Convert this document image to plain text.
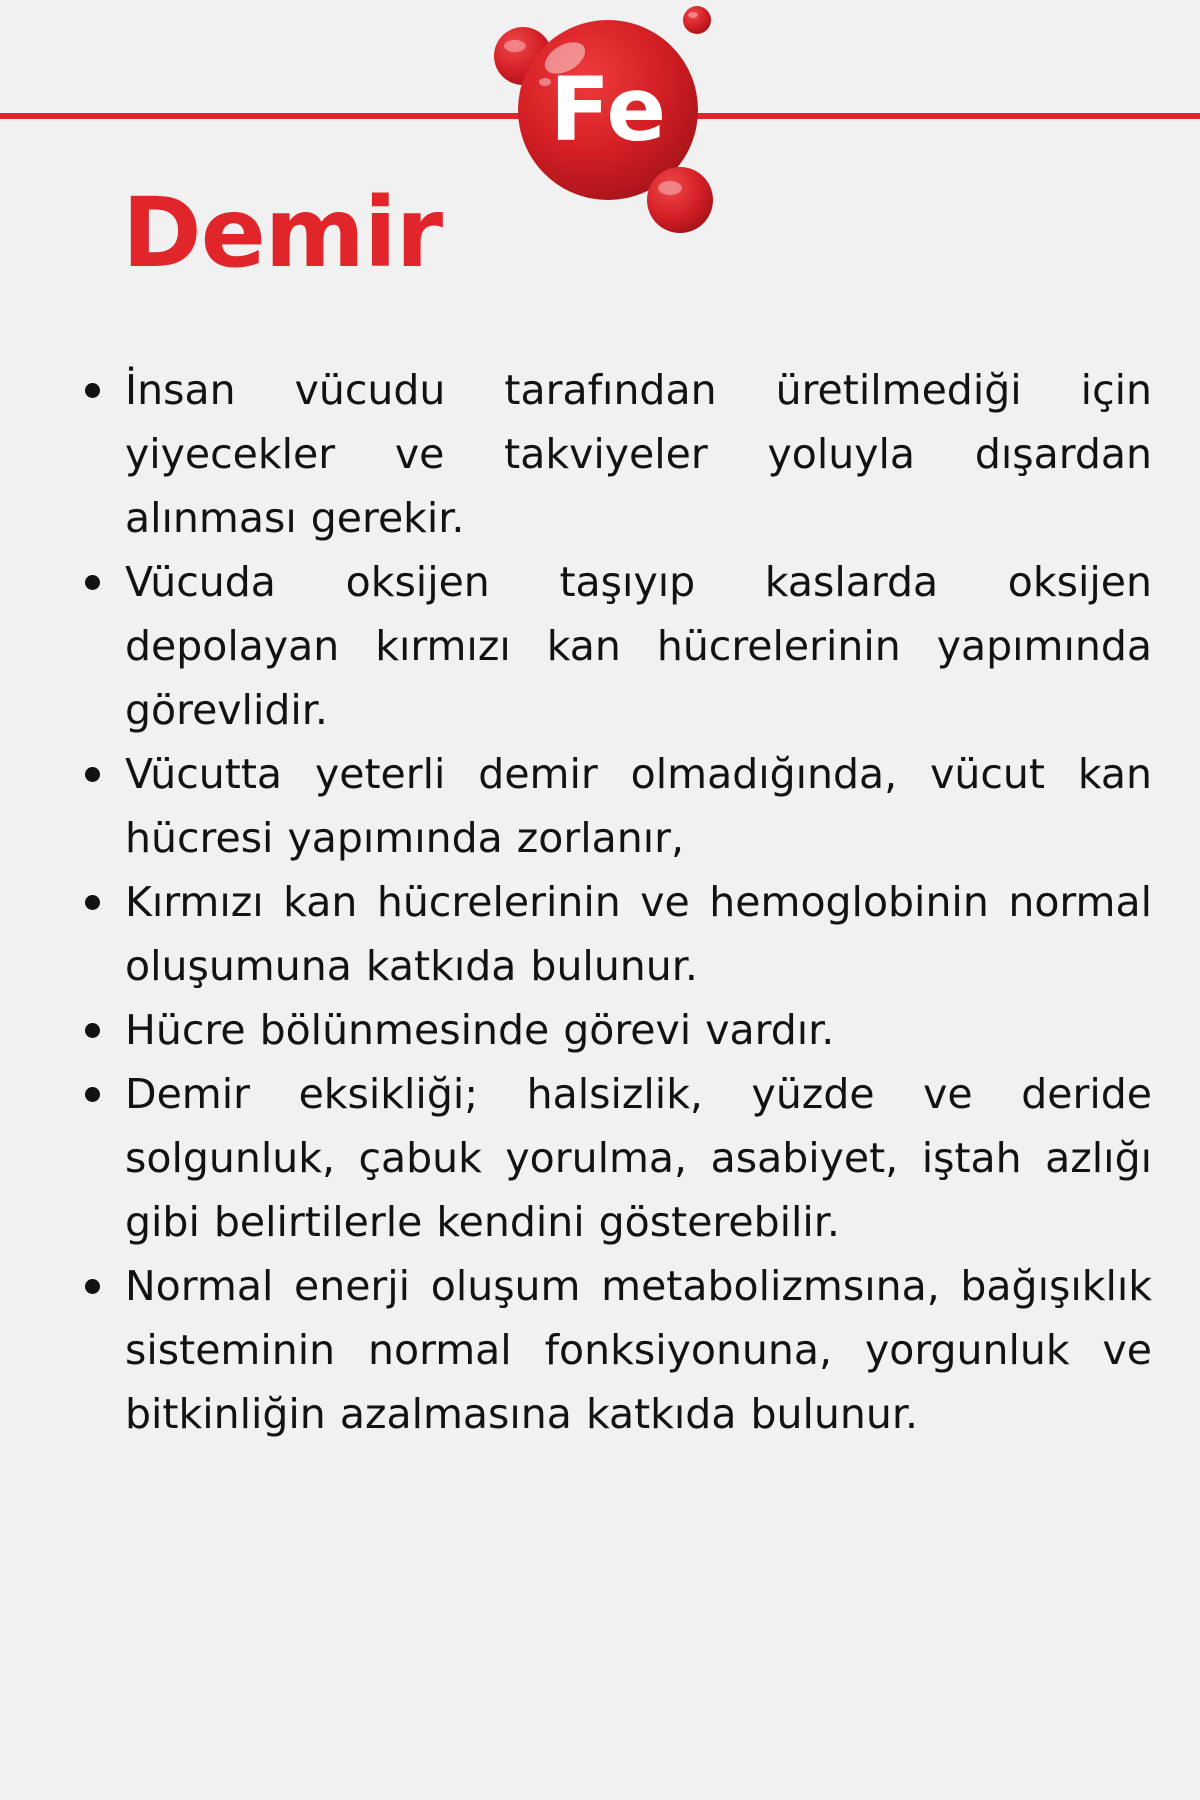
Fe
Demir
İnsan vücudu tarafından üretilmediği için yiyecekler ve takviyeler yoluyla dışardan alınması gerekir.
Vücuda oksijen taşıyıp kaslarda oksijen depolayan kırmızı kan hücrelerinin yapımında görevlidir.
Vücutta yeterli demir olmadığında, vücut kan hücresi yapımında zorlanır,
Kırmızı kan hücrelerinin ve hemoglobinin normal oluşumuna katkıda bulunur.
Hücre bölünmesinde görevi vardır.
Demir eksikliği; halsizlik, yüzde ve deride solgunluk, çabuk yorulma, asabiyet, iştah azlığı gibi belirtilerle kendini gösterebilir.
Normal enerji oluşum metabolizmsına, bağışıklık sisteminin normal fonksiyonuna, yorgunluk ve bitkinliğin azalmasına katkıda bulunur.
